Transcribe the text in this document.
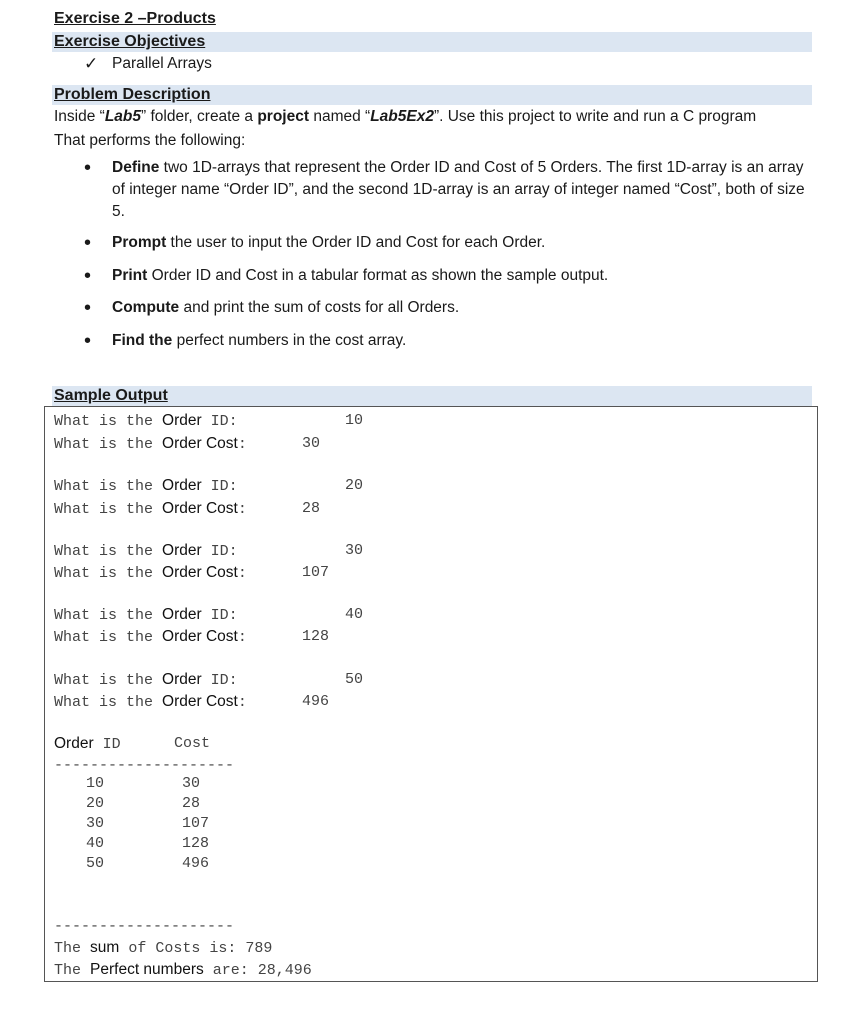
Exercise 2 –Products
Exercise Objectives
✓ Parallel Arrays
Problem Description
Inside “Lab5” folder, create a project named “Lab5Ex2”. Use this project to write and run a C program
That performs the following:
• Define two 1D-arrays that represent the Order ID and Cost of 5 Orders. The first 1D-array is an array of integer name “Order ID”, and the second 1D-array is an array of integer named “Cost”, both of size 5.
• Prompt the user to input the Order ID and Cost for each Order.
• Print Order ID and Cost in a tabular format as shown the sample output.
• Compute and print the sum of costs for all Orders.
• Find the perfect numbers in the cost array.
Sample Output
What is the Order ID:	10
What is the Order Cost:	30
What is the Order ID:	20
What is the Order Cost:	28
What is the Order ID:	30
What is the Order Cost:	107
What is the Order ID:	40
What is the Order Cost:	128
What is the Order ID:	50
What is the Order Cost:	496
Order ID	Cost
--------------------
10	30
20	28
30	107
40	128
50	496
--------------------
The sum of Costs is: 789
The Perfect numbers are: 28,496
